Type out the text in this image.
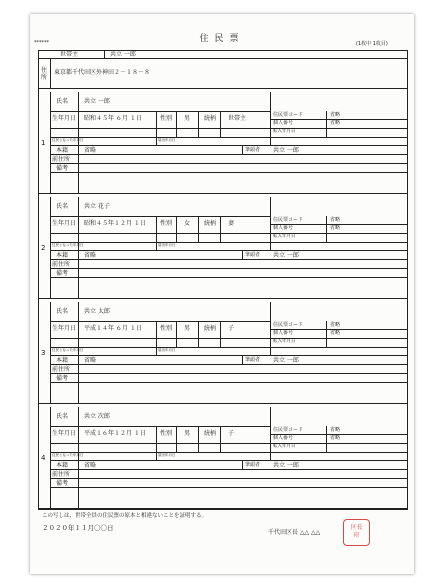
住民票
******	(1枚中 1枚目)
世帯主	共立 一郎
住所
東京都千代田区外神田２－１８－８
この写しは、世帯全員の住民票の原本と相違ないことを証明する。
２０２０年１１月〇〇日
千代田区長 △△ △△
区長
印
1
氏名	共立 一郎
生年月日 昭和４５年 ６月 １日	性別 男 続柄 世帯主	住民票コード	省略
個人番号	省略
転入年月日
住民となった年月日	届出年月日
本籍	省略	筆頭者 共立 一郎
前住所
備考
2
氏名	共立 花子
生年月日 昭和４５年１２月 １日 性別 女 続柄 妻	住民票コード	省略
個人番号	省略
転入年月日
住民となった年月日	届出年月日
本籍	省略	筆頭者 共立 一郎
前住所
備考
3
氏名	共立 太郎
生年月日 平成１４年 ６月 １日	性別 男 続柄 子	住民票コード	省略
個人番号	省略
転入年月日
住民となった年月日	届出年月日
本籍	省略	筆頭者 共立 一郎
前住所
備考
4
氏名	共立 次郎
生年月日 平成１６年１２月 １日 性別 男 続柄 子	住民票コード	省略
個人番号	省略
転入年月日
住民となった年月日	届出年月日
本籍	省略	筆頭者 共立 一郎
前住所
備考
